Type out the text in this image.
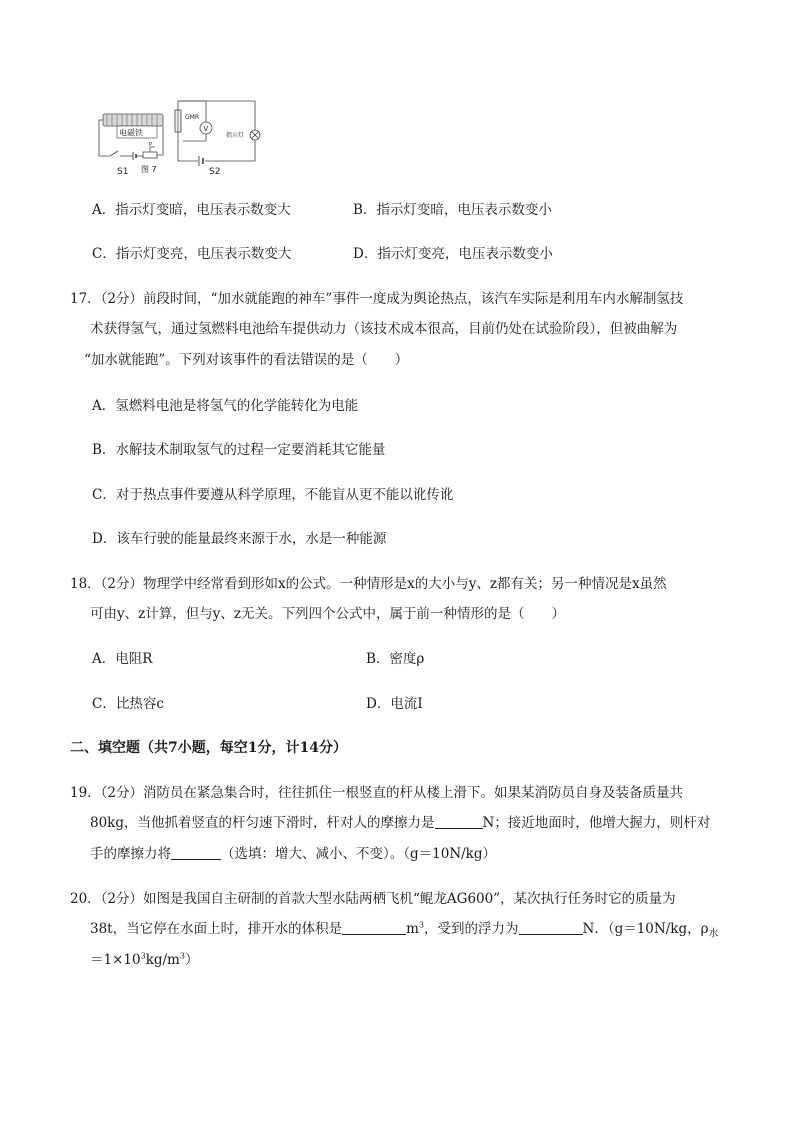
电磁铁
GMR
V
指示灯
S2
P
S1 图 7
A．指示灯变暗，电压表示数变大	B．指示灯变暗，电压表示数变小
C．指示灯变亮，电压表示数变大	D．指示灯变亮，电压表示数变小
17．（2分）前段时间，“加水就能跑的神车”事件一度成为舆论热点，该汽车实际是利用车内水解制氢技
术获得氢气，通过氢燃料电池给车提供动力（该技术成本很高，目前仍处在试验阶段），但被曲解为
“加水就能跑”。下列对该事件的看法错误的是（　　）
A．氢燃料电池是将氢气的化学能转化为电能
B．水解技术制取氢气的过程一定要消耗其它能量
C．对于热点事件要遵从科学原理，不能盲从更不能以讹传讹
D．该车行驶的能量最终来源于水，水是一种能源
18．（2分）物理学中经常看到形如x的公式。一种情形是x的大小与y、z都有关；另一种情况是x虽然
可由y、z计算，但与y、z无关。下列四个公式中，属于前一种情形的是（　　）
A．电阻R	B．密度ρ
C．比热容c	D．电流I
二、填空题（共7小题，每空1分，计14分）
19．（2分）消防员在紧急集合时，往往抓住一根竖直的杆从楼上滑下。如果某消防员自身及装备质量共
80kg，当他抓着竖直的杆匀速下滑时，杆对人的摩擦力是	N；接近地面时，他增大握力，则杆对
手的摩擦力将	（选填：增大、减小、不变）。（g＝10N/kg）
20．（2分）如图是我国自主研制的首款大型水陆两栖飞机“鲲龙AG600”，某次执行任务时它的质量为
38t，当它停在水面上时，排开水的体积是	$m^3$，受到的浮力为	N．（g＝10N/kg，$\rho_水$
$=1\times 10^3kg/m^3$）
